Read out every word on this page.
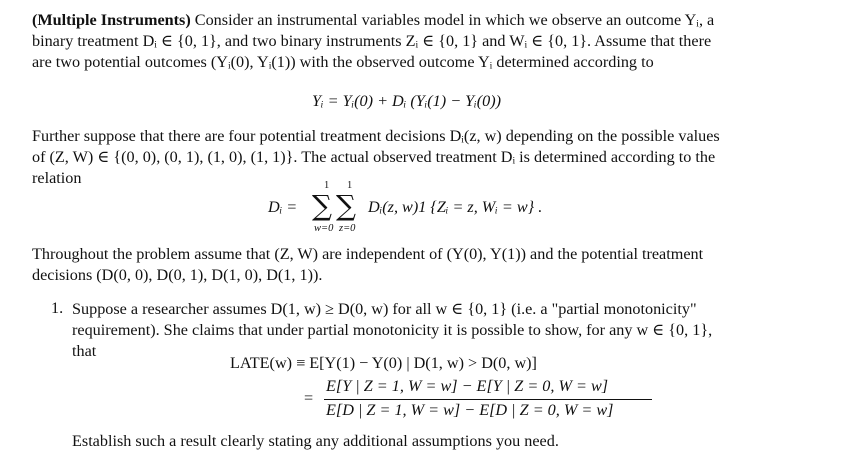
(Multiple Instruments) Consider an instrumental variables model in which we observe an outcome Yᵢ, a
binary treatment Dᵢ ∈ {0, 1}, and two binary instruments Zᵢ ∈ {0, 1} and Wᵢ ∈ {0, 1}. Assume that there
are two potential outcomes (Yᵢ(0), Yᵢ(1)) with the observed outcome Yᵢ determined according to
Yᵢ = Yᵢ(0) + Dᵢ (Yᵢ(1) − Yᵢ(0))
Further suppose that there are four potential treatment decisions Dᵢ(z, w) depending on the possible values
of (Z, W) ∈ {(0, 0), (0, 1), (1, 0), (1, 1)}. The actual observed treatment Dᵢ is determined according to the
relation
Dᵢ =
1 1
∑ ∑
w=0 z=0
Dᵢ(z, w)1 {Zᵢ = z, Wᵢ = w} .
Throughout the problem assume that (Z, W) are independent of (Y(0), Y(1)) and the potential treatment
decisions (D(0, 0), D(0, 1), D(1, 0), D(1, 1)).
1. Suppose a researcher assumes D(1, w) ≥ D(0, w) for all w ∈ {0, 1} (i.e. a "partial monotonicity"
requirement). She claims that under partial monotonicity it is possible to show, for any w ∈ {0, 1},
that
LATE(w) ≡ E[Y(1) − Y(0) | D(1, w) > D(0, w)]
=
E[Y | Z = 1, W = w] − E[Y | Z = 0, W = w]
E[D | Z = 1, W = w] − E[D | Z = 0, W = w]
Establish such a result clearly stating any additional assumptions you need.
